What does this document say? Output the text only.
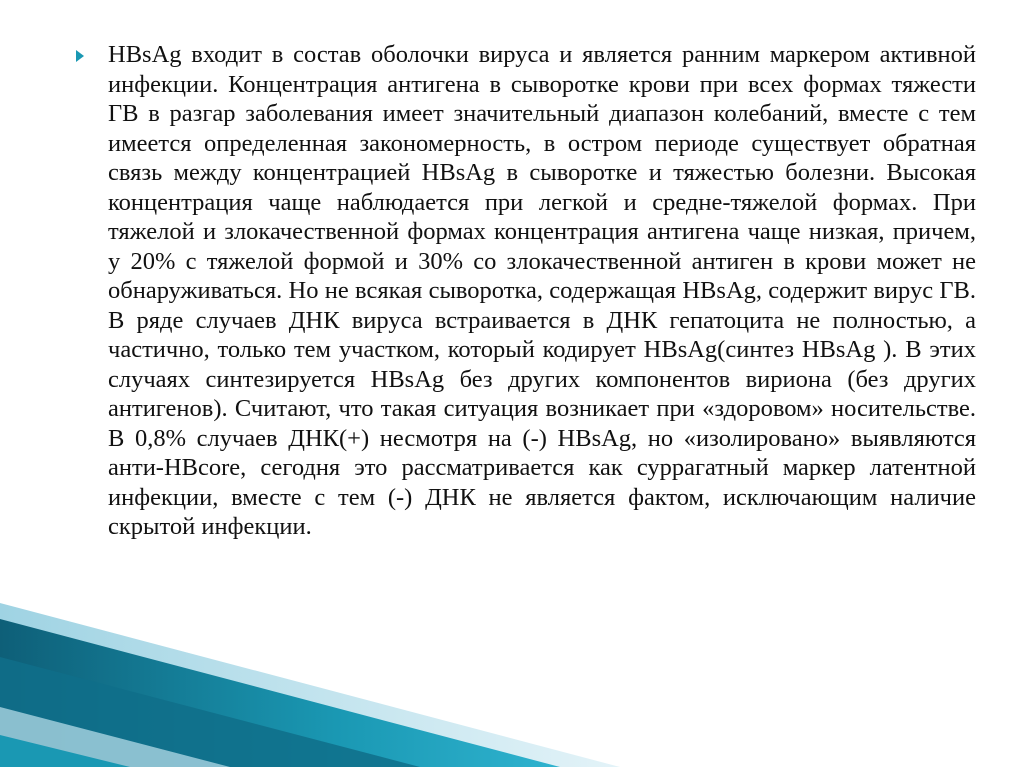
HBsAg входит в состав оболочки вируса и является ранним маркером активной инфекции. Концентрация антигена в сыворотке крови при всех формах тяжести ГВ в разгар заболевания имеет значительный диапазон колебаний, вместе с тем имеется определенная закономерность, в остром периоде существует обратная связь между концентрацией HBsAg в сыворотке и тяжестью болезни. Высокая концентрация чаще наблюдается при легкой и средне-тяжелой формах. При тяжелой и злокачественной формах концентрация антигена чаще низкая, причем, у 20% с тяжелой формой и 30% со злокачественной антиген в крови может не обнаруживаться. Но не всякая сыворотка, содержащая HBsAg, содержит вирус ГВ. В ряде случаев ДНК вируса встраивается в ДНК гепатоцита не полностью, а частично, только тем участком, который кодирует HBsAg(синтез HBsAg ). В этих случаях синтезируется HBsAg без других компонентов вириона (без других антигенов). Считают, что такая ситуация возникает при «здоровом» носительстве. В 0,8% случаев ДНК(+) несмотря на (-) HBsAg, но «изолировано» выявляются анти-HBcore, сегодня это рассматривается как суррагатный маркер латентной инфекции, вместе с тем (-) ДНК не является фактом, исключающим наличие скрытой инфекции.
